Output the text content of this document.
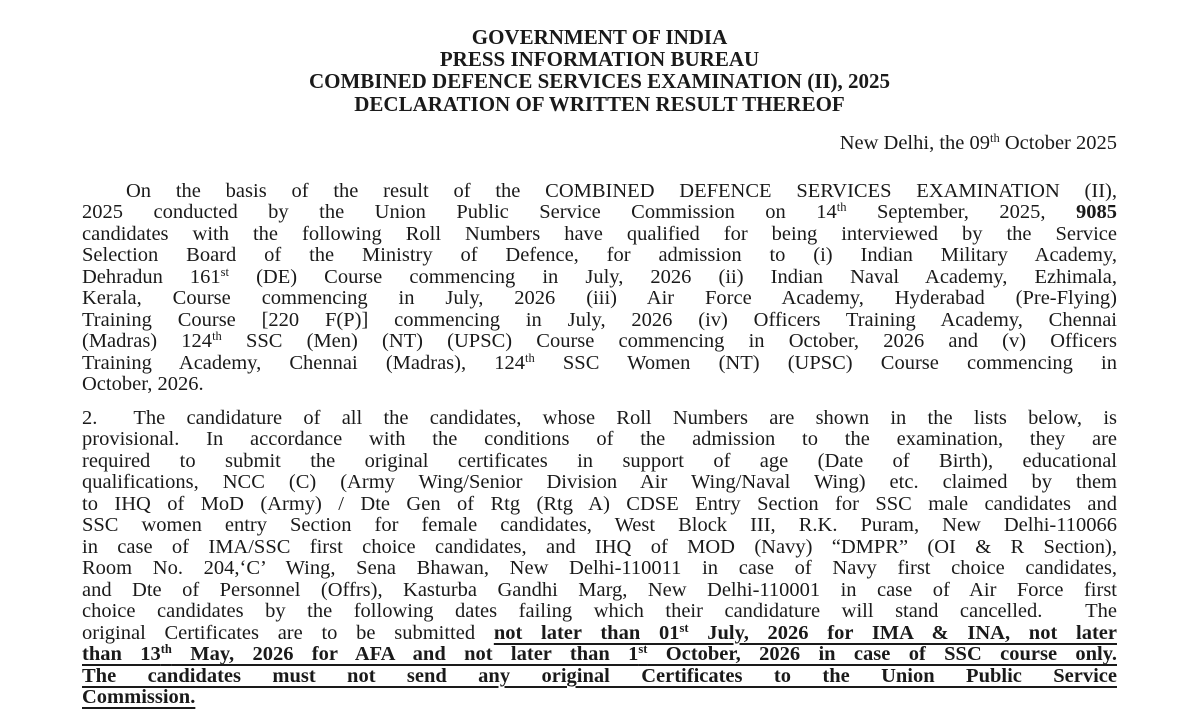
GOVERNMENT OF INDIA
PRESS INFORMATION BUREAU
COMBINED DEFENCE SERVICES EXAMINATION (II), 2025
DECLARATION OF WRITTEN RESULT THEREOF
New Delhi, the 09th October 2025
On the basis of the result of the COMBINED DEFENCE SERVICES EXAMINATION (II),
2025 conducted by the Union Public Service Commission on 14th September, 2025, 9085
candidates with the following Roll Numbers have qualified for being interviewed by the Service
Selection Board of the Ministry of Defence, for admission to (i) Indian Military Academy,
Dehradun 161st (DE) Course commencing in July, 2026 (ii) Indian Naval Academy, Ezhimala,
Kerala, Course commencing in July, 2026 (iii) Air Force Academy, Hyderabad (Pre-Flying)
Training Course [220 F(P)] commencing in July, 2026 (iv) Officers Training Academy, Chennai
(Madras) 124th SSC (Men) (NT) (UPSC) Course commencing in October, 2026 and (v) Officers
Training Academy, Chennai (Madras), 124th SSC Women (NT) (UPSC) Course commencing in
October, 2026.
2. The candidature of all the candidates, whose Roll Numbers are shown in the lists below, is
provisional. In accordance with the conditions of the admission to the examination, they are
required to submit the original certificates in support of age (Date of Birth), educational
qualifications, NCC (C) (Army Wing/Senior Division Air Wing/Naval Wing) etc. claimed by them
to IHQ of MoD (Army) / Dte Gen of Rtg (Rtg A) CDSE Entry Section for SSC male candidates and
SSC women entry Section for female candidates, West Block III, R.K. Puram, New Delhi-110066
in case of IMA/SSC first choice candidates, and IHQ of MOD (Navy) “DMPR” (OI & R Section),
Room No. 204,‘C’ Wing, Sena Bhawan, New Delhi-110011 in case of Navy first choice candidates,
and Dte of Personnel (Offrs), Kasturba Gandhi Marg, New Delhi-110001 in case of Air Force first
choice candidates by the following dates failing which their candidature will stand cancelled.  The
original Certificates are to be submitted not later than 01st July, 2026 for IMA & INA, not later
than 13th May, 2026 for AFA and not later than 1st October, 2026 in case of SSC course only.
The candidates must not send any original Certificates to the Union Public Service
Commission.
